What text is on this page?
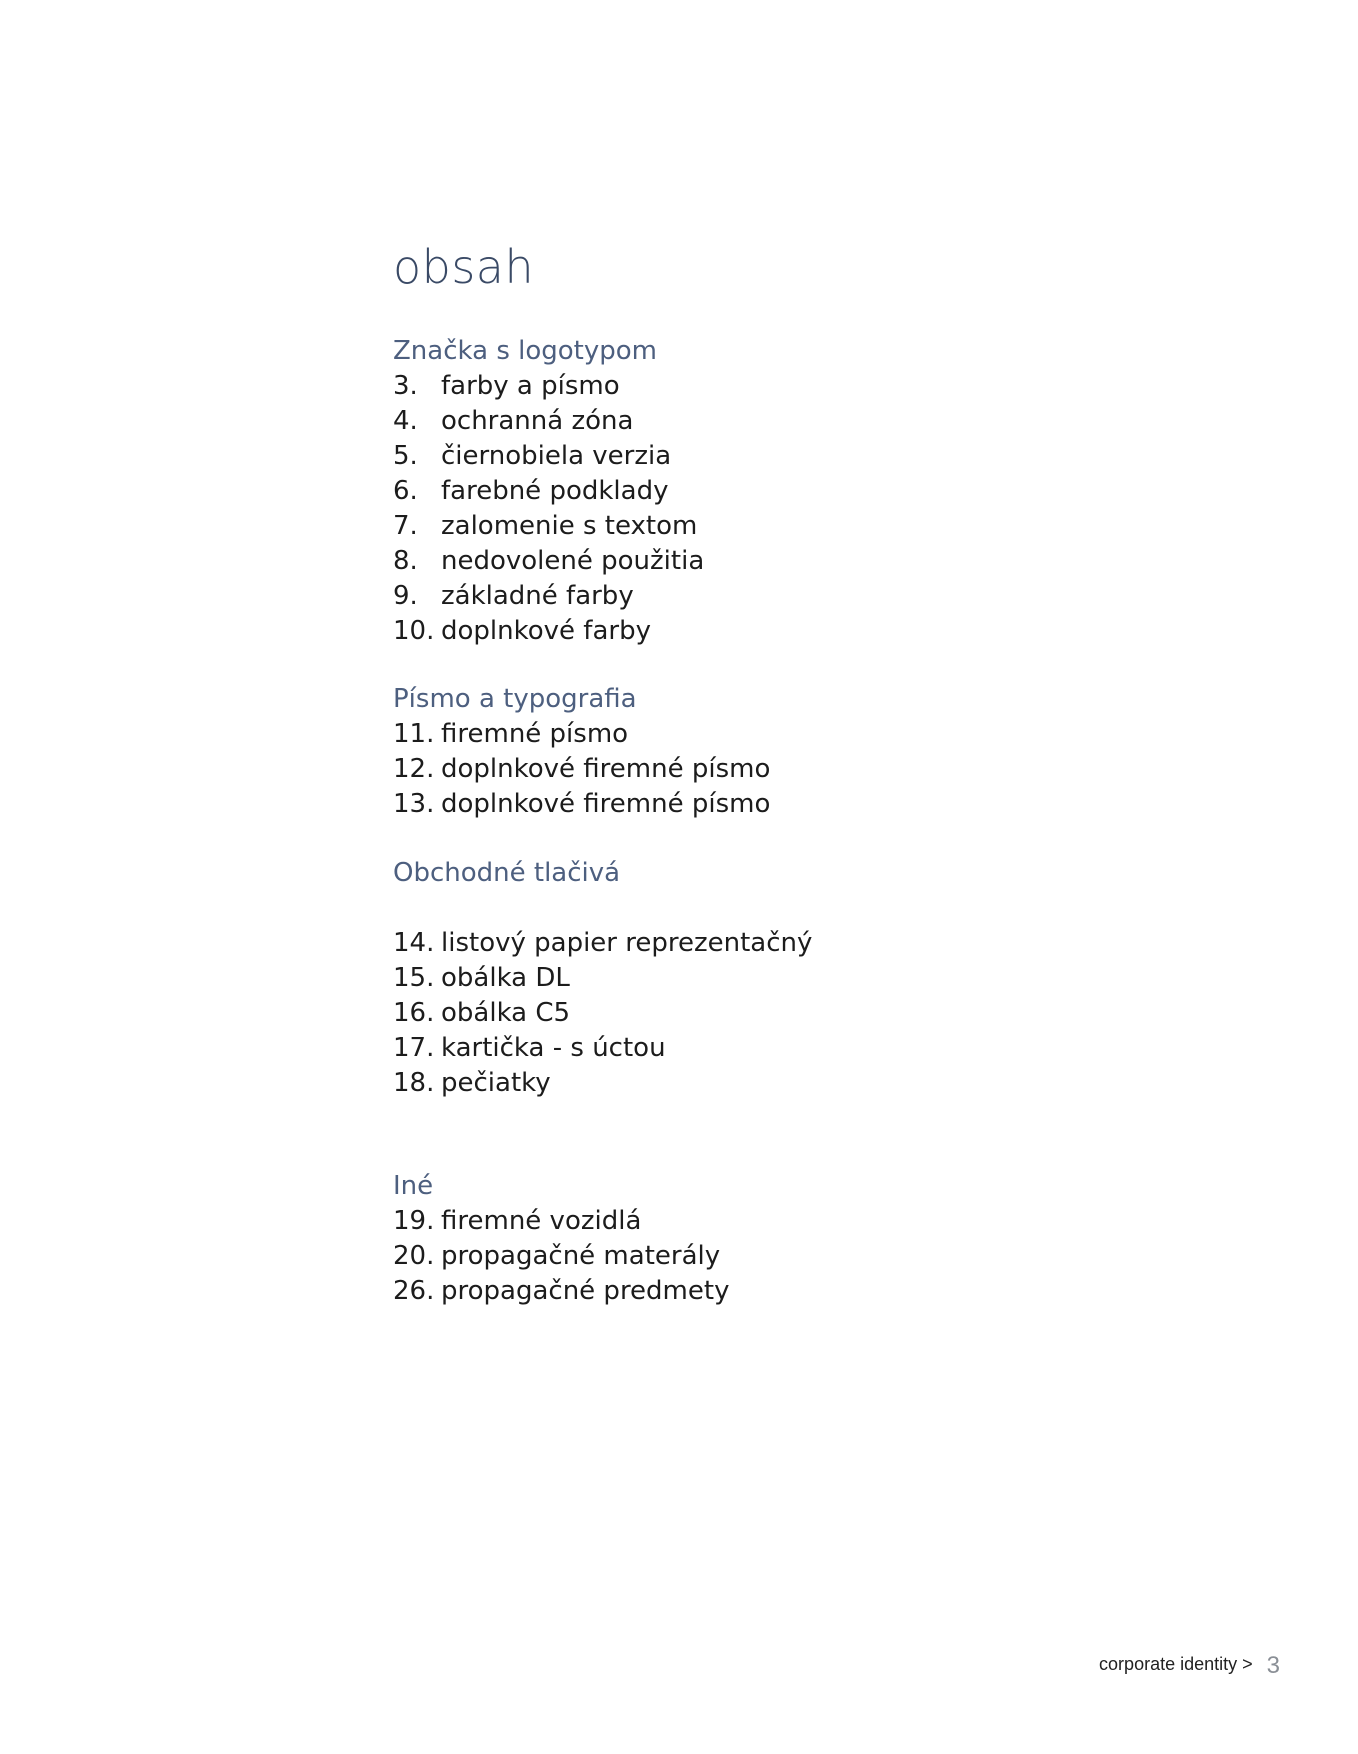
obsah
Značka s logotypom
3. farby a písmo
4. ochranná zóna
5. čiernobiela verzia
6. farebné podklady
7. zalomenie s textom
8. nedovolené použitia
9. základné farby
10. doplnkové farby
Písmo a typografia
11. firemné písmo
12. doplnkové firemné písmo
13. doplnkové firemné písmo
Obchodné tlačivá
14. listový papier reprezentačný
15. obálka DL
16. obálka C5
17. kartička - s úctou
18. pečiatky
Iné
19. firemné vozidlá
20. propagačné materály
26. propagačné predmety
corporate identity > 3
